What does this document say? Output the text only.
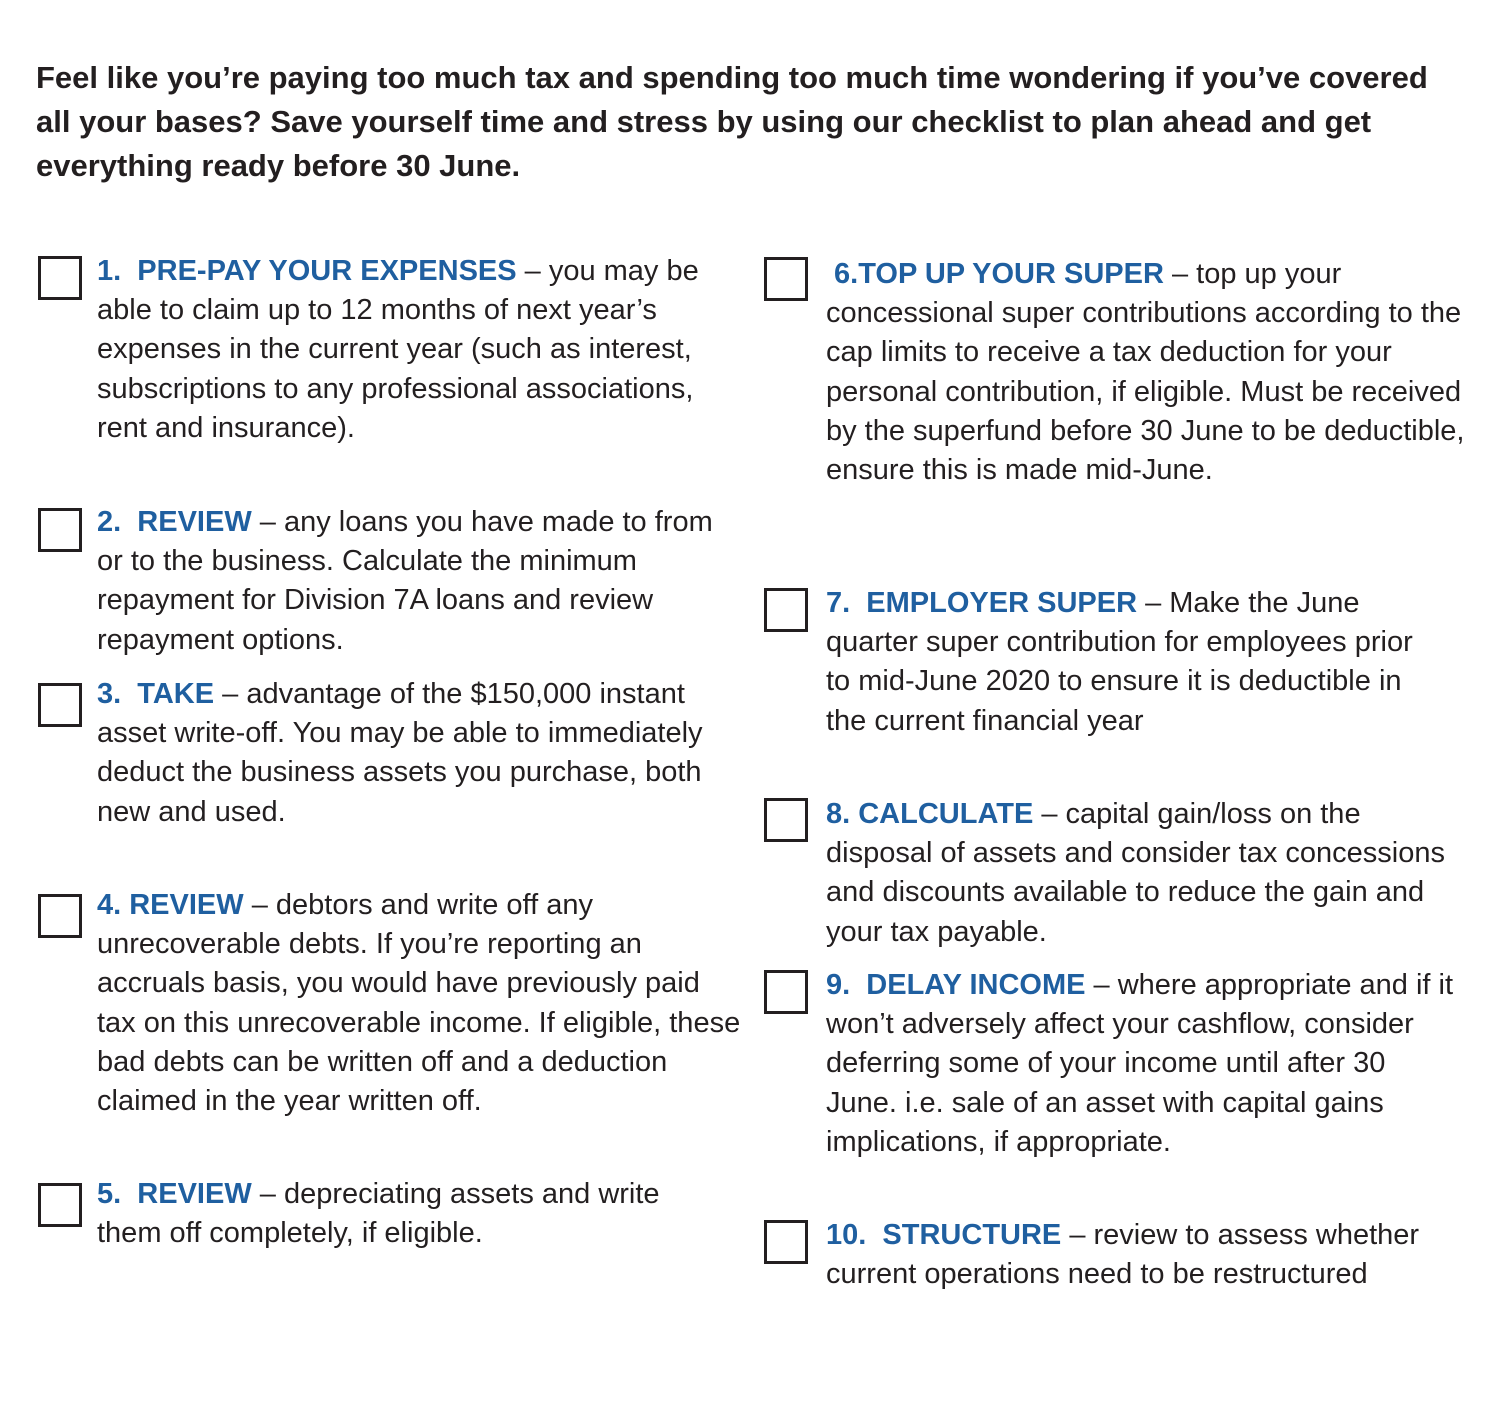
Feel like you’re paying too much tax and spending too much time wondering if you’ve covered all your bases? Save yourself time and stress by using our checklist to plan ahead and get everything ready before 30 June.

1.  PRE-PAY YOUR EXPENSES – you may be able to claim up to 12 months of next year’s expenses in the current year (such as interest, subscriptions to any professional associations, rent and insurance).

2.  REVIEW – any loans you have made to from or to the business. Calculate the minimum repayment for Division 7A loans and review repayment options.

3.  TAKE – advantage of the $150,000 instant asset write-off. You may be able to immediately deduct the business assets you purchase, both new and used.

4. REVIEW – debtors and write off any unrecoverable debts. If you’re reporting an accruals basis, you would have previously paid tax on this unrecoverable income. If eligible, these bad debts can be written off and a deduction claimed in the year written off.

5.  REVIEW – depreciating assets and write them off completely, if eligible.

6.TOP UP YOUR SUPER – top up your concessional super contributions according to the cap limits to receive a tax deduction for your personal contribution, if eligible. Must be received by the superfund before 30 June to be deductible, ensure this is made mid-June.

7.  EMPLOYER SUPER – Make the June quarter super contribution for employees prior to mid-June 2020 to ensure it is deductible in the current financial year

8. CALCULATE – capital gain/loss on the disposal of assets and consider tax concessions and discounts available to reduce the gain and your tax payable.

9.  DELAY INCOME – where appropriate and if it won’t adversely affect your cashflow, consider deferring some of your income until after 30 June. i.e. sale of an asset with capital gains implications, if appropriate.

10.  STRUCTURE – review to assess whether current operations need to be restructured
